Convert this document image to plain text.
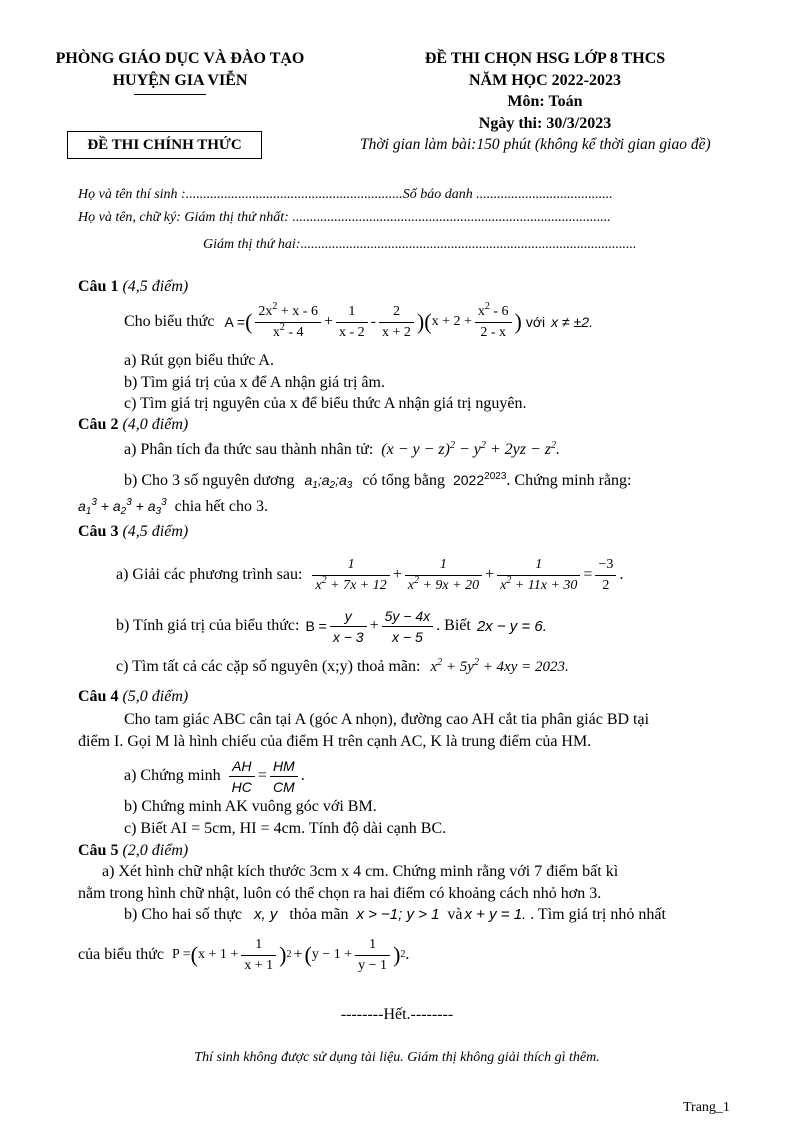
PHÒNG GIÁO DỤC VÀ ĐÀO TẠO
HUYỆN GIA VIỄN
ĐỀ THI CHỌN HSG LỚP 8 THCS
NĂM HỌC 2022-2023
Môn: Toán
Ngày thi: 30/3/2023
ĐỀ THI CHÍNH THỨC	Thời gian làm bài:150 phút (không kể thời gian giao đề)
Họ và tên thí sinh :..............................................................Số báo danh .......................................
Họ và tên, chữ ký: Giám thị thứ nhất: ...........................................................................................
Giám thị thứ hai:................................................................................................
Câu 1 (4,5 điểm)
Cho biểu thức A = ( $\frac{2x^2 + x - 6}{x^2 - 4} + \frac{1}{x - 2} - \frac{2}{x + 2}$ ) ( $x + 2 + \frac{x^2 - 6}{2 - x}$ ) với x ≠ ±2.
a) Rút gọn biểu thức A.
b) Tìm giá trị của x để A nhận giá trị âm.
c) Tìm giá trị nguyên của x để biểu thức A nhận giá trị nguyên.
Câu 2 (4,0 điểm)
a) Phân tích đa thức sau thành nhân tử: $(x - y - z)^2 - y^2 + 2yz - z^2$.
b) Cho 3 số nguyên dương $a_1;a_2;a_3$ có tổng bằng $2022^{2023}$. Chứng minh rằng:
$a_1^3 + a_2^3 + a_3^3$ chia hết cho 3.
Câu 3 (4,5 điểm)
a) Giải các phương trình sau: $\frac{1}{x^2 + 7x + 12} + \frac{1}{x^2 + 9x + 20} + \frac{1}{x^2 + 11x + 30} = \frac{-3}{2}$ .
b) Tính giá trị của biểu thức: $B = \frac{y}{x - 3} + \frac{5y - 4x}{x - 5}$ . Biết 2x − y = 6.
c) Tìm tất cả các cặp số nguyên (x;y) thoả mãn: $x^2 + 5y^2 + 4xy = 2023$.
Câu 4 (5,0 điểm)
Cho tam giác ABC cân tại A (góc A nhọn), đường cao AH cắt tia phân giác BD tại
điểm I. Gọi M là hình chiếu của điểm H trên cạnh AC, K là trung điểm của HM.
a) Chứng minh $\frac{AH}{HC} = \frac{HM}{CM}$ .
b) Chứng minh AK vuông góc với BM.
c) Biết AI = 5cm, HI = 4cm. Tính độ dài cạnh BC.
Câu 5 (2,0 điểm)
a) Xét hình chữ nhật kích thước 3cm x 4 cm. Chứng minh rằng với 7 điểm bất kì
nằm trong hình chữ nhật, luôn có thể chọn ra hai điểm có khoảng cách nhỏ hơn 3.
b) Cho hai số thực x, y thỏa mãn x > −1; y > 1 và x + y = 1. . Tìm giá trị nhỏ nhất
của biểu thức P = ( $x + 1 + \frac{1}{x + 1}$ ) 2 + ( $y - 1 + \frac{1}{y - 1}$ ) 2 .
--------Hết.--------
Thí sinh không được sử dụng tài liệu. Giám thị không giải thích gì thêm.
Trang_1
